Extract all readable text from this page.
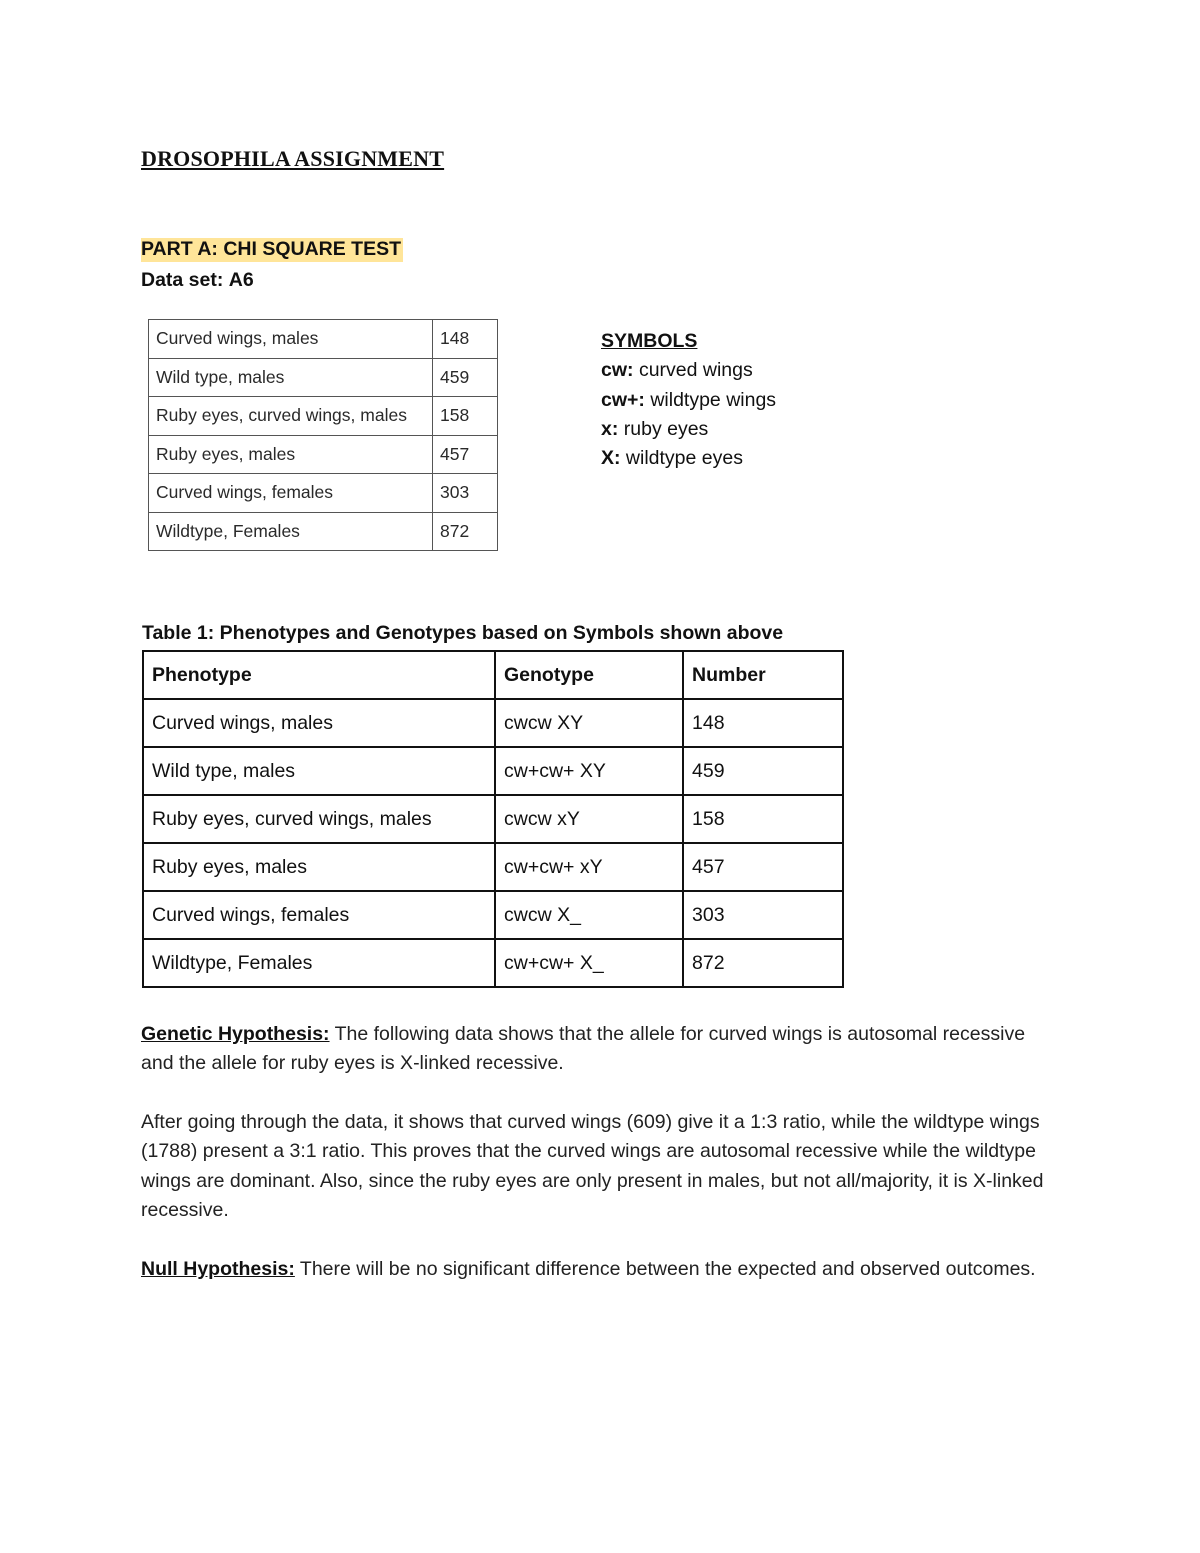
DROSOPHILA ASSIGNMENT
PART A: CHI SQUARE TEST
Data set: A6
Curved wings, males	148
Wild type, males	459
Ruby eyes, curved wings, males	158
Ruby eyes, males	457
Curved wings, females	303
Wildtype, Females	872
SYMBOLS
cw: curved wings
cw+: wildtype wings
x: ruby eyes
X: wildtype eyes
Table 1: Phenotypes and Genotypes based on Symbols shown above
Phenotype	Genotype	Number
Curved wings, males	cwcw XY	148
Wild type, males	cw+cw+ XY	459
Ruby eyes, curved wings, males	cwcw xY	158
Ruby eyes, males	cw+cw+ xY	457
Curved wings, females	cwcw X_	303
Wildtype, Females	cw+cw+ X_	872
Genetic Hypothesis: The following data shows that the allele for curved wings is autosomal recessive and the allele for ruby eyes is X-linked recessive.
After going through the data, it shows that curved wings (609) give it a 1:3 ratio, while the wildtype wings (1788) present a 3:1 ratio. This proves that the curved wings are autosomal recessive while the wildtype wings are dominant. Also, since the ruby eyes are only present in males, but not all/majority, it is X-linked recessive.
Null Hypothesis: There will be no significant difference between the expected and observed outcomes.
